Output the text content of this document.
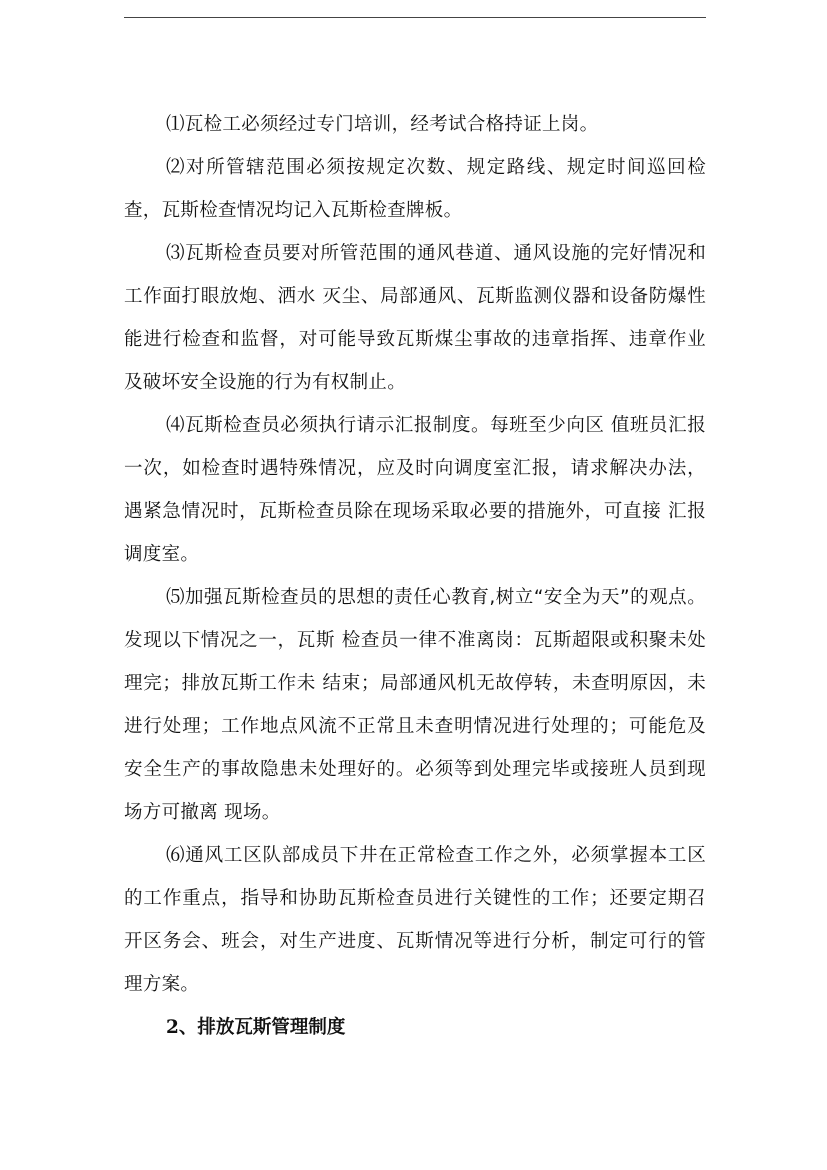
⑴瓦检工必须经过专门培训，经考试合格持证上岗。

⑵对所管辖范围必须按规定次数、规定路线、规定时间巡回检查，瓦斯检查情况均记入瓦斯检查牌板。

⑶瓦斯检查员要对所管范围的通风巷道、通风设施的完好情况和工作面打眼放炮、洒水 灭尘、局部通风、瓦斯监测仪器和设备防爆性能进行检查和监督，对可能导致瓦斯煤尘事故的违章指挥、违章作业及破坏安全设施的行为有权制止。

⑷瓦斯检查员必须执行请示汇报制度。每班至少向区 值班员汇报一次，如检查时遇特殊情况，应及时向调度室汇报，请求解决办法，遇紧急情况时，瓦斯检查员除在现场采取必要的措施外，可直接 汇报调度室。

⑸加强瓦斯检查员的思想的责任心教育,树立“安全为天”的观点。发现以下情况之一，瓦斯 检查员一律不准离岗：瓦斯超限或积聚未处理完；排放瓦斯工作未 结束；局部通风机无故停转，未查明原因，未进行处理；工作地点风流不正常且未查明情况进行处理的；可能危及安全生产的事故隐患未处理好的。必须等到处理完毕或接班人员到现场方可撤离 现场。

⑹通风工区队部成员下井在正常检查工作之外，必须掌握本工区的工作重点，指导和协助瓦斯检查员进行关键性的工作；还要定期召开区务会、班会，对生产进度、瓦斯情况等进行分析，制定可行的管理方案。

2、排放瓦斯管理制度
